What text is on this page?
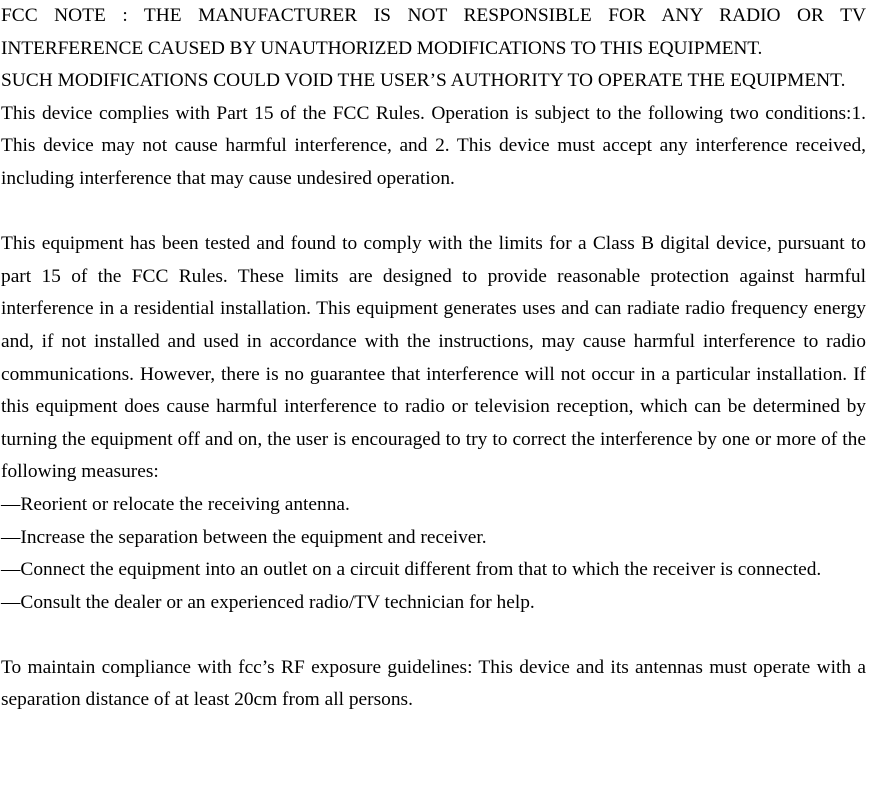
FCC NOTE : THE MANUFACTURER IS NOT RESPONSIBLE FOR ANY RADIO OR TV
INTERFERENCE CAUSED BY UNAUTHORIZED MODIFICATIONS TO THIS EQUIPMENT.
SUCH MODIFICATIONS COULD VOID THE USER’S AUTHORITY TO OPERATE THE EQUIPMENT.

This device complies with Part 15 of the FCC Rules. Operation is subject to the following two conditions:1. This device may not cause harmful interference, and 2. This device must accept any interference received, including interference that may cause undesired operation.

This equipment has been tested and found to comply with the limits for a Class B digital device, pursuant to part 15 of the FCC Rules. These limits are designed to provide reasonable protection against harmful interference in a residential installation. This equipment generates uses and can radiate radio frequency energy and, if not installed and used in accordance with the instructions, may cause harmful interference to radio communications. However, there is no guarantee that interference will not occur in a particular installation. If this equipment does cause harmful interference to radio or television reception, which can be determined by turning the equipment off and on, the user is encouraged to try to correct the interference by one or more of the following measures:

—Reorient or relocate the receiving antenna.

—Increase the separation between the equipment and receiver.

—Connect the equipment into an outlet on a circuit different from that to which the receiver is connected.

—Consult the dealer or an experienced radio/TV technician for help.

To maintain compliance with fcc’s RF exposure guidelines: This device and its antennas must operate with a separation distance of at least 20cm from all persons.
